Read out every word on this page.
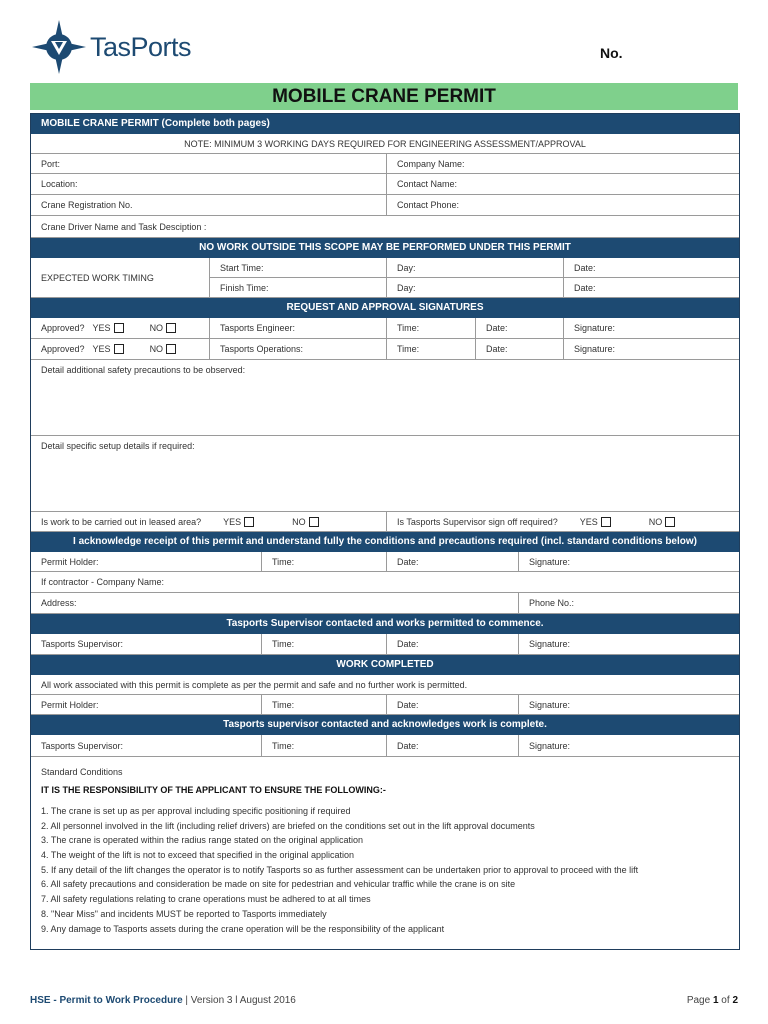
TasPorts	No.
MOBILE CRANE PERMIT
MOBILE CRANE PERMIT (Complete both pages)
NOTE: MINIMUM 3 WORKING DAYS REQUIRED FOR ENGINEERING ASSESSMENT/APPROVAL
Port:	Company Name:
Location:	Contact Name:
Crane Registration No.	Contact Phone:
Crane Driver Name and Task Desciption :
NO WORK OUTSIDE THIS SCOPE MAY BE PERFORMED UNDER THIS PERMIT
EXPECTED WORK TIMING
Start Time:	Day:	Date:
Finish Time:	Day:	Date:
REQUEST AND APPROVAL SIGNATURES
Approved? YES	NO	Tasports Engineer:	Time:	Date:	Signature:
Approved? YES	NO	Tasports Operations:	Time:	Date:	Signature:
Detail additional safety precautions to be observed:
Detail specific setup details if required:
Is work to be carried out in leased area? YES	NO	Is Tasports Supervisor sign off required? YES	NO
I acknowledge receipt of this permit and understand fully the conditions and precautions required (incl. standard conditions below)
Permit Holder:	Time:	Date:	Signature:
If contractor - Company Name:
Address:	Phone No.:
Tasports Supervisor contacted and works permitted to commence.
Tasports Supervisor:	Time:	Date:	Signature:
WORK COMPLETED
All work associated with this permit is complete as per the permit and safe and no further work is permitted.
Permit Holder:	Time:	Date:	Signature:
Tasports supervisor contacted and acknowledges work is complete.
Tasports Supervisor:	Time:	Date:	Signature:
Standard Conditions
IT IS THE RESPONSIBILITY OF THE APPLICANT TO ENSURE THE FOLLOWING:-
1. The crane is set up as per approval including specific positioning if required
2. All personnel involved in the lift (including relief drivers) are briefed on the conditions set out in the lift approval documents
3. The crane is operated within the radius range stated on the original application
4. The weight of the lift is not to exceed that specified in the original application
5. If any detail of the lift changes the operator is to notify Tasports so as further assessment can be undertaken prior to approval to proceed with the lift
6. All safety precautions and consideration be made on site for pedestrian and vehicular traffic while the crane is on site
7. All safety regulations relating to crane operations must be adhered to at all times
8. "Near Miss" and incidents MUST be reported to Tasports immediately
9. Any damage to Tasports assets during the crane operation will be the responsibility of the applicant
HSE - Permit to Work Procedure | Version 3 l August 2016	Page 1 of 2
